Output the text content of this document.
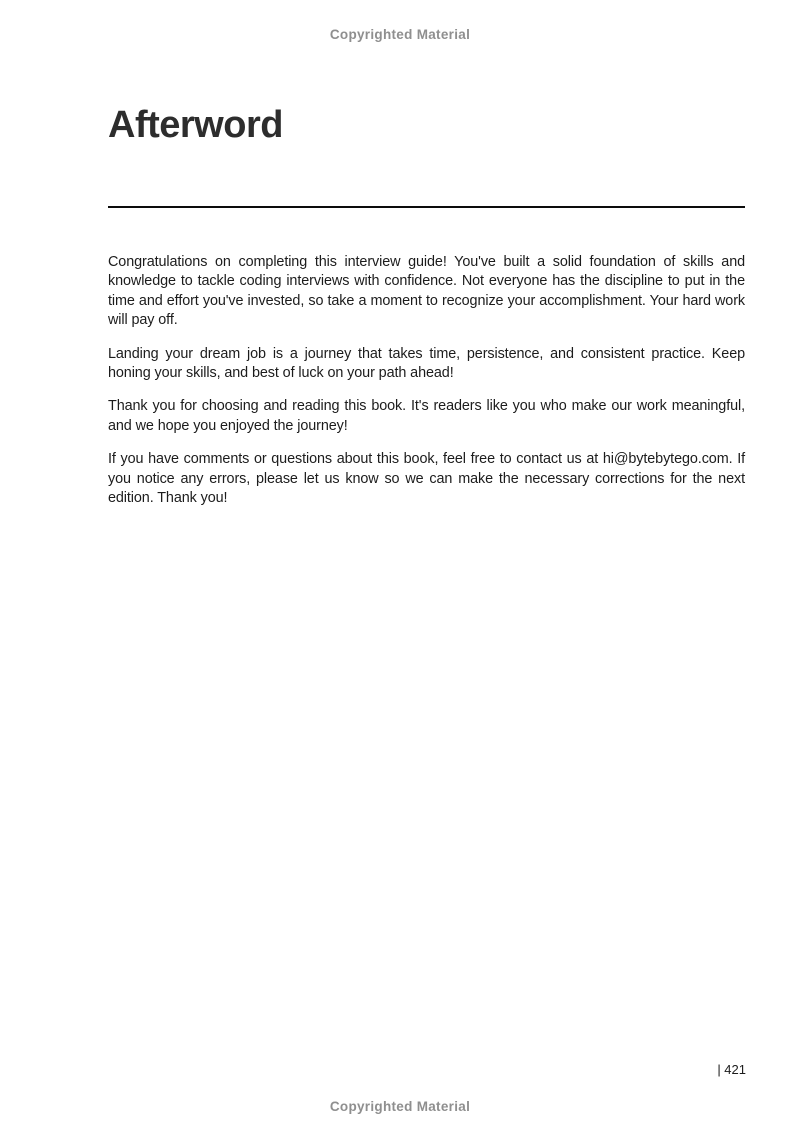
Copyrighted Material
Afterword

Congratulations on completing this interview guide! You've built a solid foundation of skills and knowledge to tackle coding interviews with confidence. Not everyone has the discipline to put in the time and effort you've invested, so take a moment to recognize your accomplishment. Your hard work will pay off.

Landing your dream job is a journey that takes time, persistence, and consistent practice. Keep honing your skills, and best of luck on your path ahead!

Thank you for choosing and reading this book. It's readers like you who make our work meaningful, and we hope you enjoyed the journey!

If you have comments or questions about this book, feel free to contact us at hi@bytebytego.com. If you notice any errors, please let us know so we can make the necessary corrections for the next edition. Thank you!

| 421
Copyrighted Material
